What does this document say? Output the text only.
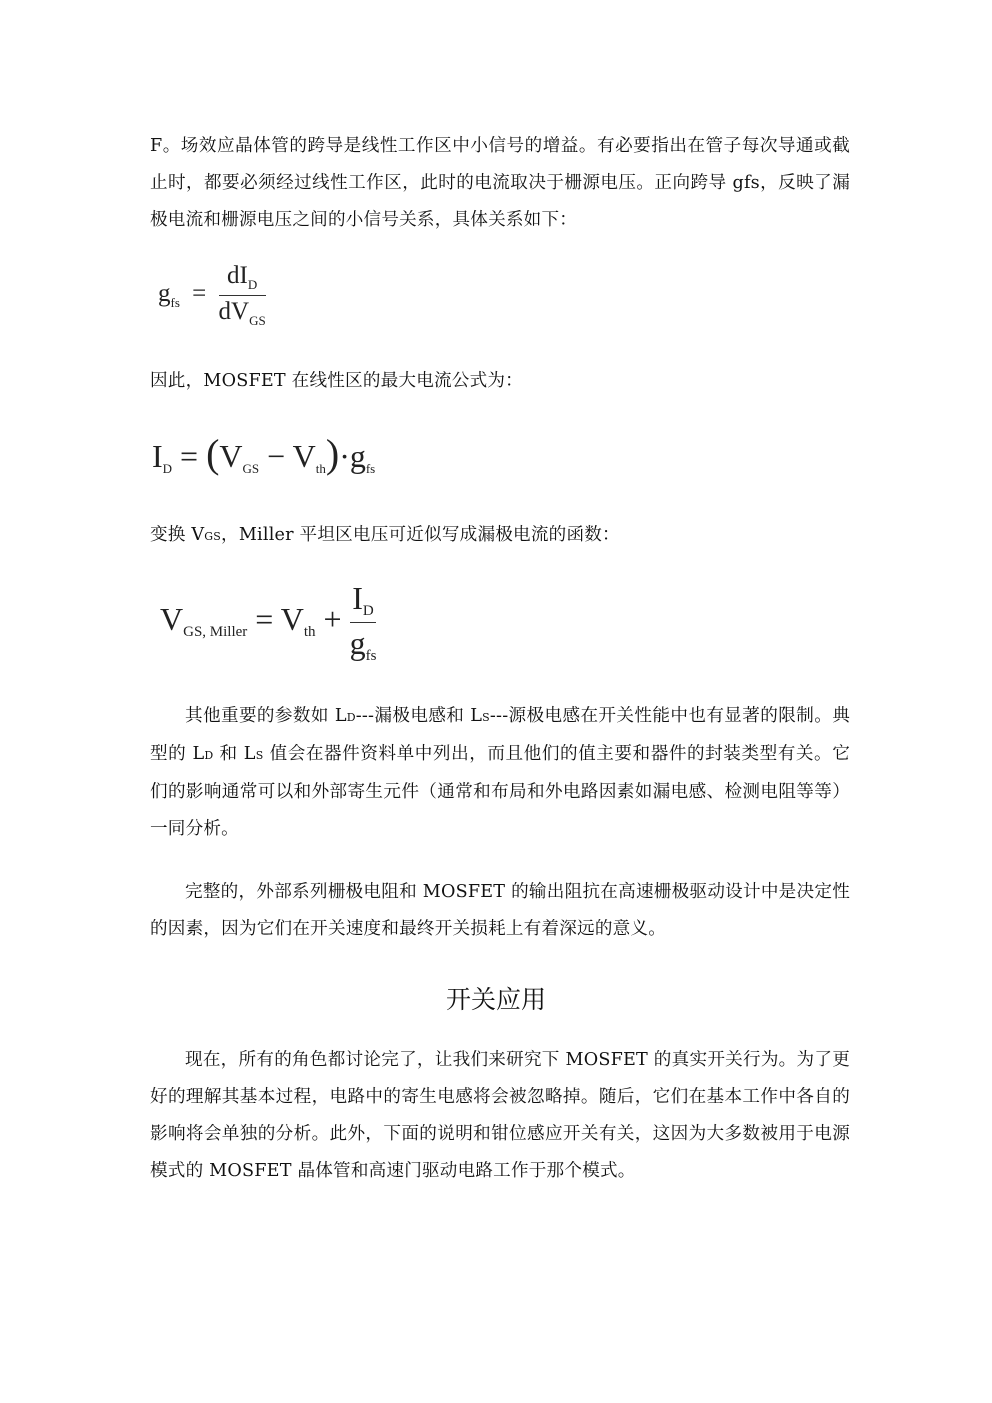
F。场效应晶体管的跨导是线性工作区中小信号的增益。有必要指出在管子每次导通或截止时，都要必须经过线性工作区，此时的电流取决于栅源电压。正向跨导 gfs，反映了漏极电流和栅源电压之间的小信号关系，具体关系如下：

$g_{fs} = \frac{dI_D}{dV_{GS}}$

因此，MOSFET 在线性区的最大电流公式为：

ID = (VGS − Vth)·gfs

变换 VGS，Miller 平坦区电压可近似写成漏极电流的函数：

VGS, Miller = Vth + $\frac{ID}{\text{gfs}}$

其他重要的参数如 LD---漏极电感和 LS---源极电感在开关性能中也有显著的限制。典型的 LD 和 LS 值会在器件资料单中列出，而且他们的值主要和器件的封装类型有关。它们的影响通常可以和外部寄生元件（通常和布局和外电路因素如漏电感、检测电阻等等）一同分析。

完整的，外部系列栅极电阻和 MOSFET 的输出阻抗在高速栅极驱动设计中是决定性的因素，因为它们在开关速度和最终开关损耗上有着深远的意义。

开关应用

现在，所有的角色都讨论完了，让我们来研究下 MOSFET 的真实开关行为。为了更好的理解其基本过程，电路中的寄生电感将会被忽略掉。随后，它们在基本工作中各自的影响将会单独的分析。此外，下面的说明和钳位感应开关有关，这因为大多数被用于电源模式的 MOSFET 晶体管和高速门驱动电路工作于那个模式。
